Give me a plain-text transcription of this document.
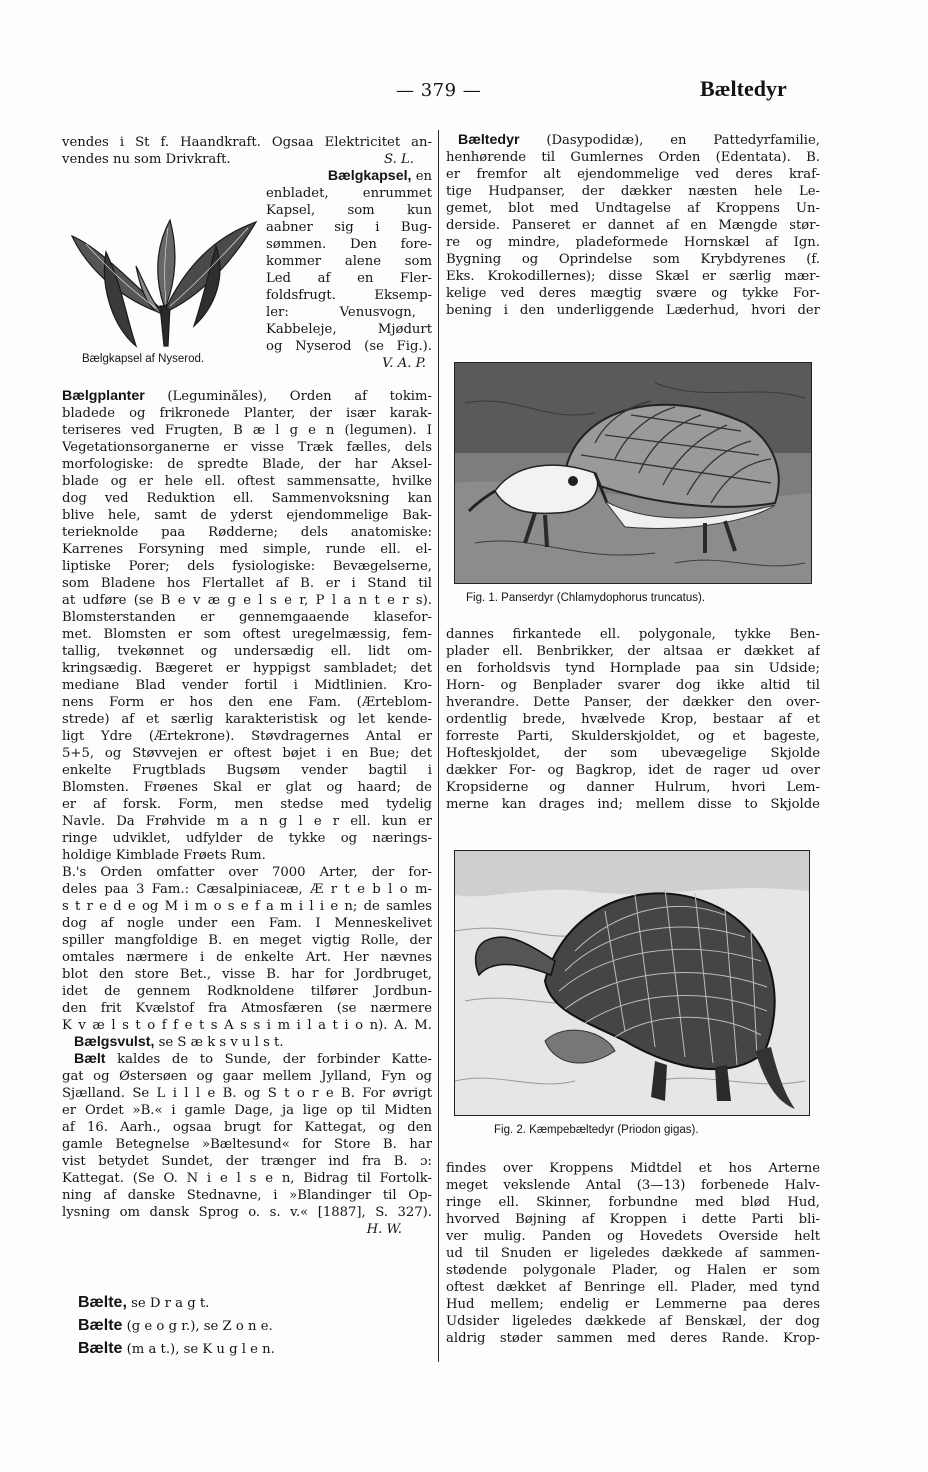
— 379 —	Bæltedyr
vendes i St f. Haandkraft. Ogsaa Elektricitet an-
vendes nu som Drivkraft.	S. L.
Bælgkapsel af Nyserod.
Bælgkapsel, en
enbladet, enrummet
Kapsel, som kun
aabner sig i Bug-
sømmen. Den fore-
kommer alene som
Led af en Fler-
foldsfrugt. Eksemp-
ler: Venusvogn,
Kabbeleje, Mjødurt
og Nyserod (se Fig.).
V. A. P.
Bælgplanter (Leguminăles), Orden af tokim-
bladede og frikronede Planter, der især karak-
teriseres ved Frugten, B æ l g e n (legumen). I
Vegetationsorganerne er visse Træk fælles, dels
morfologiske: de spredte Blade, der har Aksel-
blade og er hele ell. oftest sammensatte, hvilke
dog ved Reduktion ell. Sammenvoksning kan
blive hele, samt de yderst ejendommelige Bak-
terieknolde paa Rødderne; dels anatomiske:
Karrenes Forsyning med simple, runde ell. el-
liptiske Porer; dels fysiologiske: Bevægelserne,
som Bladene hos Flertallet af B. er i Stand til
at udføre (se B e v æ g e l s e r, P l a n t e r s).
Blomsterstanden er gennemgaaende klasefor-
met. Blomsten er som oftest uregelmæssig, fem-
tallig, tvekønnet og undersædig ell. lidt om-
kringsædig. Bægeret er hyppigst sambladet; det
mediane Blad vender fortil i Midtlinien. Kro-
nens Form er hos den ene Fam. (Ærteblom-
strede) af et særlig karakteristisk og let kende-
ligt Ydre (Ærtekrone). Støvdragernes Antal er
5+5, og Støvvejen er oftest bøjet i en Bue; det
enkelte Frugtblads Bugsøm vender bagtil i
Blomsten. Frøenes Skal er glat og haard; de
er af forsk. Form, men stedse med tydelig
Navle. Da Frøhvide m a n g l e r ell. kun er
ringe udviklet, udfylder de tykke og nærings-
holdige Kimblade Frøets Rum.
B.'s Orden omfatter over 7000 Arter, der for-
deles paa 3 Fam.: Cæsalpiniaceæ, Æ r t e b l o m-
s t r e d e og M i m o s e f a m i l i e n; de samles
dog af nogle under een Fam. I Menneskelivet
spiller mangfoldige B. en meget vigtig Rolle, der
omtales nærmere i de enkelte Art. Her nævnes
blot den store Bet., visse B. har for Jordbruget,
idet de gennem Rodknoldene tilfører Jordbun-
den frit Kvælstof fra Atmosfæren (se nærmere
K v æ l s t o f f e t s A s s i m i l a t i o n). A. M.
Bælgsvulst, se S æ k s v u l s t.
Bælt kaldes de to Sunde, der forbinder Katte-
gat og Østersøen og gaar mellem Jylland, Fyn og
Sjælland. Se L i l l e B. og S t o r e B. For øvrigt
er Ordet »B.« i gamle Dage, ja lige op til Midten
af 16. Aarh., ogsaa brugt for Kattegat, og den
gamle Betegnelse »Bæltesund« for Store B. har
vist betydet Sundet, der trænger ind fra B. ɔ:
Kattegat. (Se O. N i e l s e n, Bidrag til Fortolk-
ning af danske Stednavne, i »Blandinger til Op-
lysning om dansk Sprog o. s. v.« [1887], S. 327).
H. W.
Bælte, se D r a g t.
Bælte (g e o g r.), se Z o n e.
Bælte (m a t.), se K u g l e n.
Bæltedyr (Dasypodidæ), en Pattedyrfamilie,
henhørende til Gumlernes Orden (Edentata). B.
er fremfor alt ejendommelige ved deres kraf-
tige Hudpanser, der dækker næsten hele Le-
gemet, blot med Undtagelse af Kroppens Un-
derside. Panseret er dannet af en Mængde stør-
re og mindre, pladeformede Hornskæl af Ign.
Bygning og Oprindelse som Krybdyrenes (f.
Eks. Krokodillernes); disse Skæl er særlig mær-
kelige ved deres mægtig svære og tykke For-
bening i den underliggende Læderhud, hvori der
Fig. 1. Panserdyr (Chlamydophorus truncatus).
dannes firkantede ell. polygonale, tykke Ben-
plader ell. Benbrikker, der altsaa er dækket af
en forholdsvis tynd Hornplade paa sin Udside;
Horn- og Benplader svarer dog ikke altid til
hverandre. Dette Panser, der dækker den over-
ordentlig brede, hvælvede Krop, bestaar af et
forreste Parti, Skulderskjoldet, og et bageste,
Hofteskjoldet, der som ubevægelige Skjolde
dækker For- og Bagkrop, idet de rager ud over
Kropsiderne og danner Hulrum, hvori Lem-
merne kan drages ind; mellem disse to Skjolde
Fig. 2. Kæmpebæltedyr (Priodon gigas).
findes over Kroppens Midtdel et hos Arterne
meget vekslende Antal (3—13) forbenede Halv-
ringe ell. Skinner, forbundne med blød Hud,
hvorved Bøjning af Kroppen i dette Parti bli-
ver mulig. Panden og Hovedets Overside helt
ud til Snuden er ligeledes dækkede af sammen-
stødende polygonale Plader, og Halen er som
oftest dækket af Benringe ell. Plader, med tynd
Hud mellem; endelig er Lemmerne paa deres
Udsider ligeledes dækkede af Benskæl, der dog
aldrig støder sammen med deres Rande. Krop-
